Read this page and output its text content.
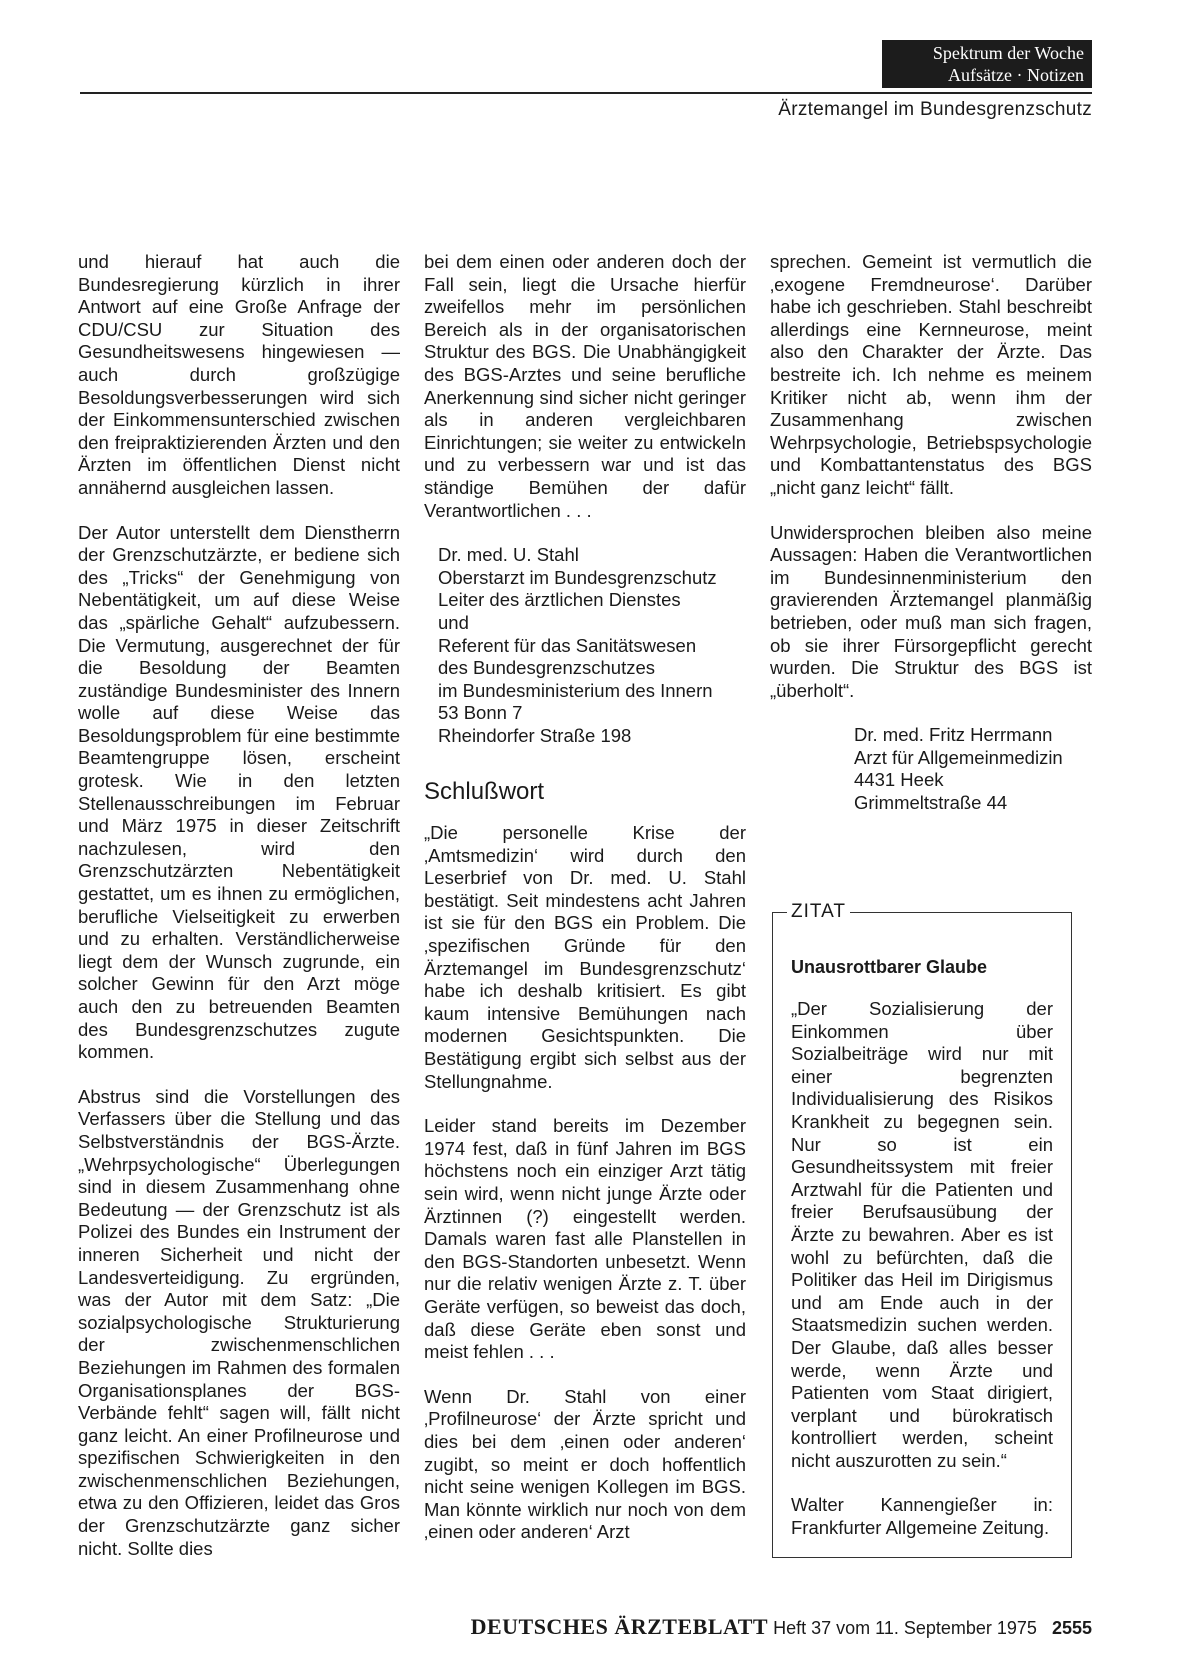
Spektrum der Woche
Aufsätze · Notizen
Ärztemangel im Bundesgrenzschutz

und hierauf hat auch die Bundesregierung kürzlich in ihrer Antwort auf eine Große Anfrage der CDU/CSU zur Situation des Gesundheitswesens hingewiesen — auch durch großzügige Besoldungsverbesserungen wird sich der Einkommensunterschied zwischen den freipraktizierenden Ärzten und den Ärzten im öffentlichen Dienst nicht annähernd ausgleichen lassen.

Der Autor unterstellt dem Dienstherrn der Grenzschutzärzte, er bediene sich des „Tricks“ der Genehmigung von Nebentätigkeit, um auf diese Weise das „spärliche Gehalt“ aufzubessern. Die Vermutung, ausgerechnet der für die Besoldung der Beamten zuständige Bundesminister des Innern wolle auf diese Weise das Besoldungsproblem für eine bestimmte Beamtengruppe lösen, erscheint grotesk. Wie in den letzten Stellenausschreibungen im Februar und März 1975 in dieser Zeitschrift nachzulesen, wird den Grenzschutzärzten Nebentätigkeit gestattet, um es ihnen zu ermöglichen, berufliche Vielseitigkeit zu erwerben und zu erhalten. Verständlicherweise liegt dem der Wunsch zugrunde, ein solcher Gewinn für den Arzt möge auch den zu betreuenden Beamten des Bundesgrenzschutzes zugute kommen.

Abstrus sind die Vorstellungen des Verfassers über die Stellung und das Selbstverständnis der BGS-Ärzte. „Wehrpsychologische“ Überlegungen sind in diesem Zusammenhang ohne Bedeutung — der Grenzschutz ist als Polizei des Bundes ein Instrument der inneren Sicherheit und nicht der Landesverteidigung. Zu ergründen, was der Autor mit dem Satz: „Die sozialpsychologische Strukturierung der zwischenmenschlichen Beziehungen im Rahmen des formalen Organisationsplanes der BGS-Verbände fehlt“ sagen will, fällt nicht ganz leicht. An einer Profilneurose und spezifischen Schwierigkeiten in den zwischenmenschlichen Beziehungen, etwa zu den Offizieren, leidet das Gros der Grenzschutzärzte ganz sicher nicht. Sollte dies

bei dem einen oder anderen doch der Fall sein, liegt die Ursache hierfür zweifellos mehr im persönlichen Bereich als in der organisatorischen Struktur des BGS. Die Unabhängigkeit des BGS-Arztes und seine berufliche Anerkennung sind sicher nicht geringer als in anderen vergleichbaren Einrichtungen; sie weiter zu entwickeln und zu verbessern war und ist das ständige Bemühen der dafür Verantwortlichen . . .

Dr. med. U. Stahl
Oberstarzt im Bundesgrenzschutz
Leiter des ärztlichen Dienstes
und
Referent für das Sanitätswesen
des Bundesgrenzschutzes
im Bundesministerium des Innern
53 Bonn 7
Rheindorfer Straße 198
Schlußwort

„Die personelle Krise der ‚Amtsmedizin‘ wird durch den Leserbrief von Dr. med. U. Stahl bestätigt. Seit mindestens acht Jahren ist sie für den BGS ein Problem. Die ‚spezifischen Gründe für den Ärztemangel im Bundesgrenzschutz‘ habe ich deshalb kritisiert. Es gibt kaum intensive Bemühungen nach modernen Gesichtspunkten. Die Bestätigung ergibt sich selbst aus der Stellungnahme.

Leider stand bereits im Dezember 1974 fest, daß in fünf Jahren im BGS höchstens noch ein einziger Arzt tätig sein wird, wenn nicht junge Ärzte oder Ärztinnen (?) eingestellt werden. Damals waren fast alle Planstellen in den BGS-Standorten unbesetzt. Wenn nur die relativ wenigen Ärzte z. T. über Geräte verfügen, so beweist das doch, daß diese Geräte eben sonst und meist fehlen . . .

Wenn Dr. Stahl von einer ‚Profilneurose‘ der Ärzte spricht und dies bei dem ‚einen oder anderen‘ zugibt, so meint er doch hoffentlich nicht seine wenigen Kollegen im BGS. Man könnte wirklich nur noch von dem ‚einen oder anderen‘ Arzt

sprechen. Gemeint ist vermutlich die ‚exogene Fremdneurose‘. Darüber habe ich geschrieben. Stahl beschreibt allerdings eine Kernneurose, meint also den Charakter der Ärzte. Das bestreite ich. Ich nehme es meinem Kritiker nicht ab, wenn ihm der Zusammenhang zwischen Wehrpsychologie, Betriebspsychologie und Kombattantenstatus des BGS „nicht ganz leicht“ fällt.

Unwidersprochen bleiben also meine Aussagen: Haben die Verantwortlichen im Bundesinnenministerium den gravierenden Ärztemangel planmäßig betrieben, oder muß man sich fragen, ob sie ihrer Fürsorgepflicht gerecht wurden. Die Struktur des BGS ist „überholt“.

Dr. med. Fritz Herrmann
Arzt für Allgemeinmedizin
4431 Heek
Grimmeltstraße 44
ZITAT
Unausrottbarer Glaube

„Der Sozialisierung der Einkommen über Sozialbeiträge wird nur mit einer begrenzten Individualisierung des Risikos Krankheit zu begegnen sein. Nur so ist ein Gesundheitssystem mit freier Arztwahl für die Patienten und freier Berufsausübung der Ärzte zu bewahren. Aber es ist wohl zu befürchten, daß die Politiker das Heil im Dirigismus und am Ende auch in der Staatsmedizin suchen werden. Der Glaube, daß alles besser werde, wenn Ärzte und Patienten vom Staat dirigiert, verplant und bürokratisch kontrolliert werden, scheint nicht auszurotten zu sein.“

Walter Kannengießer in: Frankfurter Allgemeine Zeitung.

DEUTSCHES ÄRZTEBLATT Heft 37 vom 11. September 1975 2555
